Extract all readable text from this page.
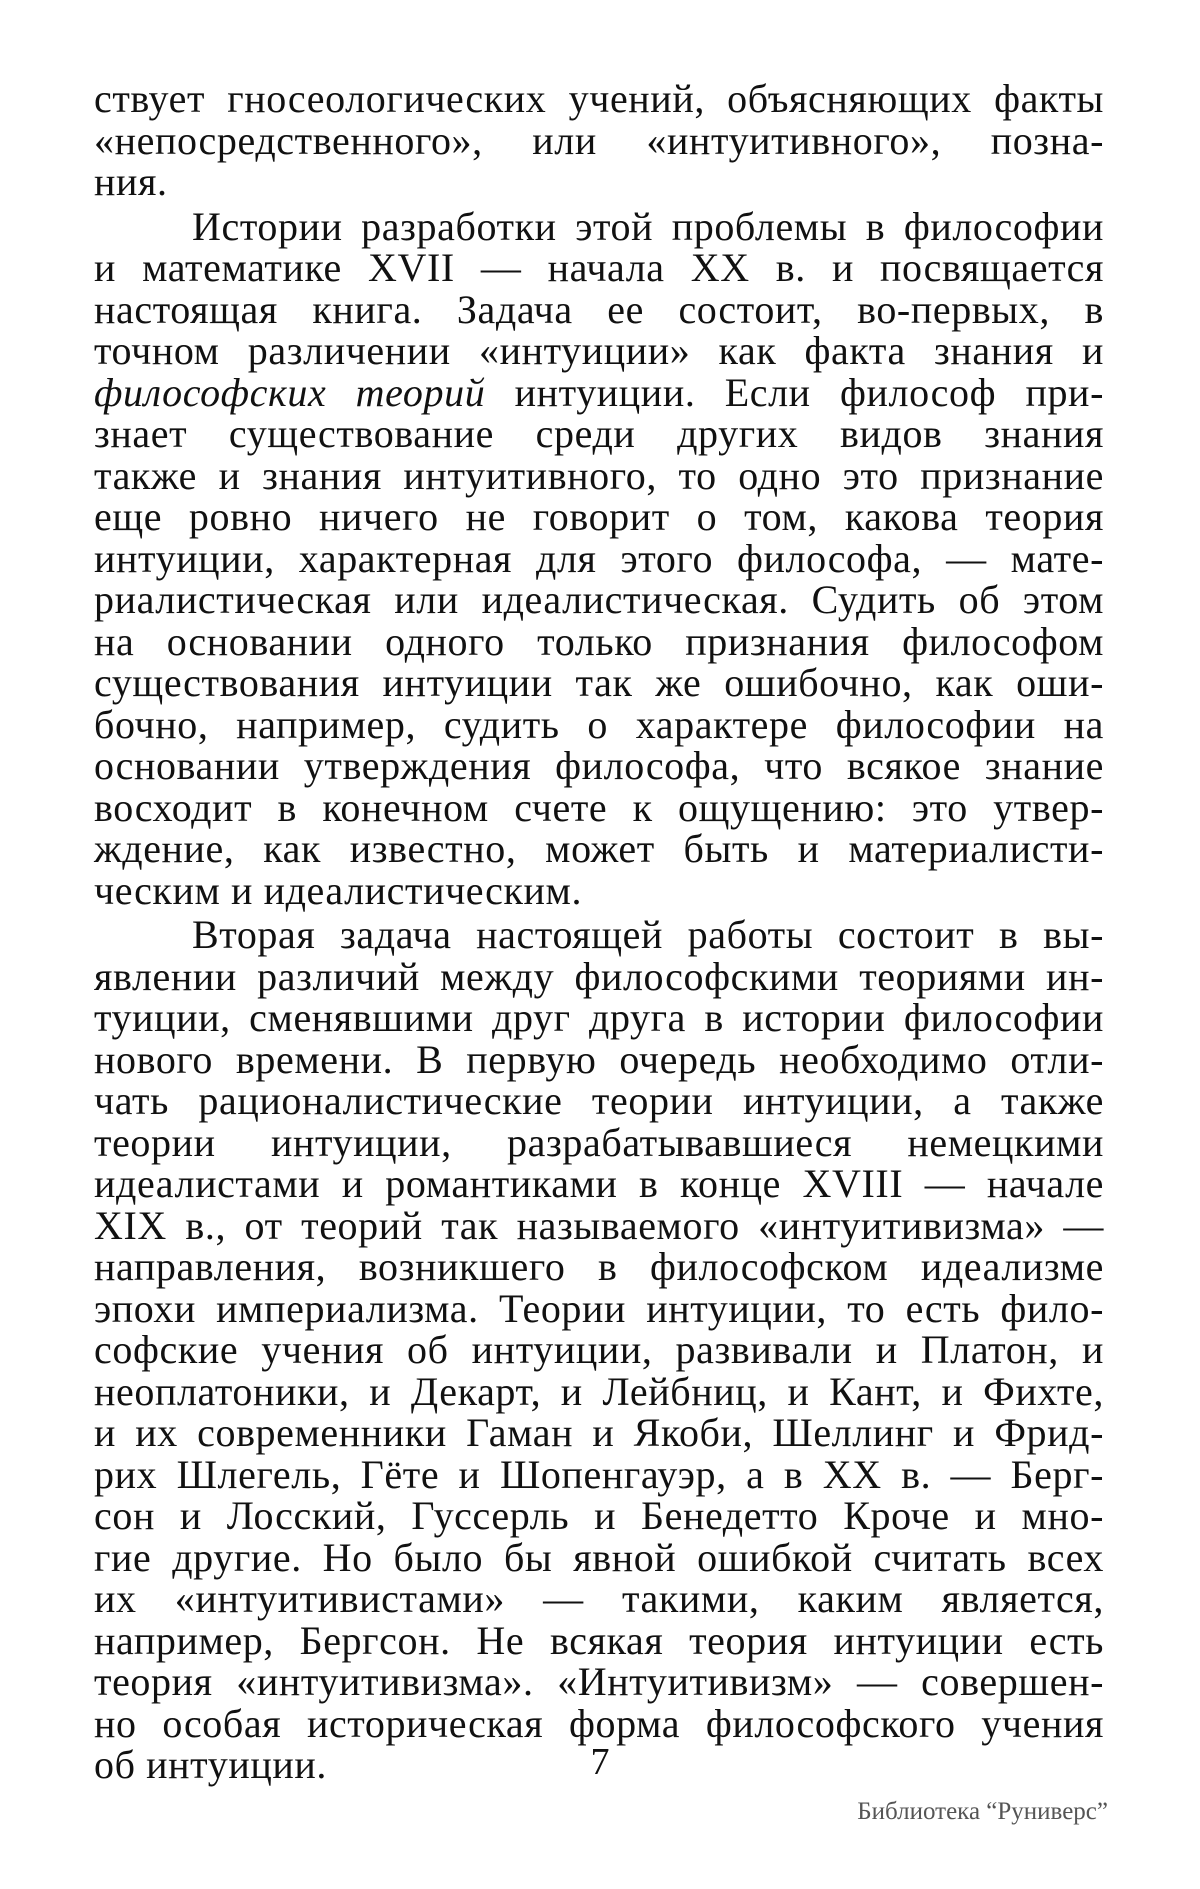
ствует гносеологических учений, объясняющих факты
«непосредственного», или «интуитивного», позна-
ния.
Истории разработки этой проблемы в философии
и математике XVII — начала XX в. и посвящается
настоящая книга. Задача ее состоит, во-первых, в
точном различении «интуиции» как факта знания и
философских теорий интуиции. Если философ при-
знает существование среди других видов знания
также и знания интуитивного, то одно это признание
еще ровно ничего не говорит о том, какова теория
интуиции, характерная для этого философа, — мате-
риалистическая или идеалистическая. Судить об этом
на основании одного только признания философом
существования интуиции так же ошибочно, как оши-
бочно, например, судить о характере философии на
основании утверждения философа, что всякое знание
восходит в конечном счете к ощущению: это утвер-
ждение, как известно, может быть и материалисти-
ческим и идеалистическим.
Вторая задача настоящей работы состоит в вы-
явлении различий между философскими теориями ин-
туиции, сменявшими друг друга в истории философии
нового времени. В первую очередь необходимо отли-
чать рационалистические теории интуиции, а также
теории интуиции, разрабатывавшиеся немецкими
идеалистами и романтиками в конце XVIII — начале
XIX в., от теорий так называемого «интуитивизма» —
направления, возникшего в философском идеализме
эпохи империализма. Теории интуиции, то есть фило-
софские учения об интуиции, развивали и Платон, и
неоплатоники, и Декарт, и Лейбниц, и Кант, и Фихте,
и их современники Гаман и Якоби, Шеллинг и Фрид-
рих Шлегель, Гёте и Шопенгауэр, а в XX в. — Берг-
сон и Лосский, Гуссерль и Бенедетто Кроче и мно-
гие другие. Но было бы явной ошибкой считать всех
их «интуитивистами» — такими, каким является,
например, Бергсон. Не всякая теория интуиции есть
теория «интуитивизма». «Интуитивизм» — совершен-
но особая историческая форма философского учения
об интуиции.	7
Библиотека “Руниверс”
